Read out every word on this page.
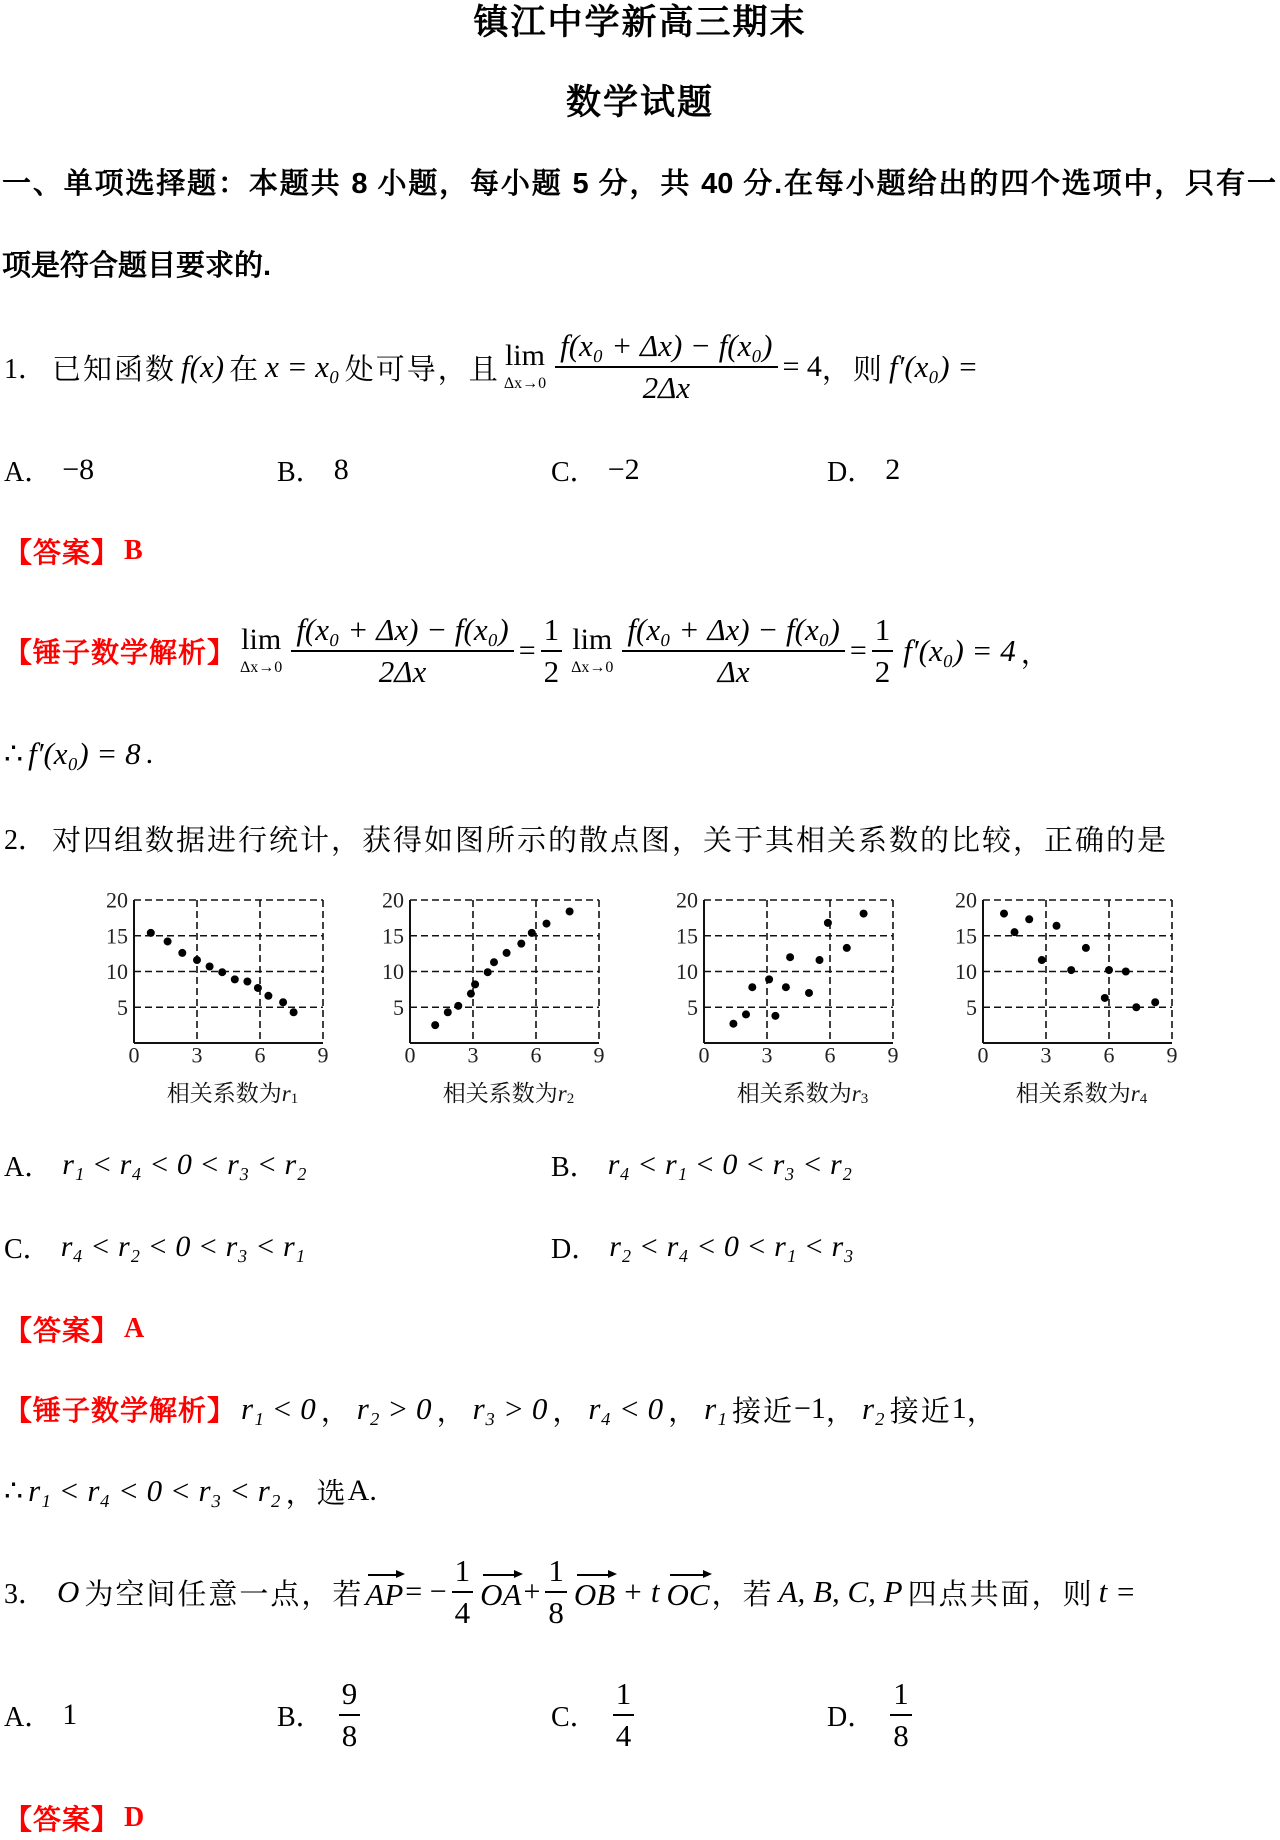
镇江中学新高三期末
数学试题
一、单项选择题：本题共 8 小题，每小题 5 分，共 40 分.在每小题给出的四个选项中，只有一
项是符合题目要求的.
1． 已知函数 f(x) 在 x = x₀ 处可导，且 lim
$\Delta x\to 0 \frac{\text{f(x₀ + Δx) − f(x₀)}}{2\Delta x} = 4$ ，则 f′(x₀) =
A． −8	B． 8	C． −2	D． 2
【答案】 B
【锤子数学解析】 lim
$\Delta x\to 0 \frac{\text{f(x₀ + Δx) − f(x₀)}}{2\Delta x} = \frac{1}{2}$ lim
$\Delta x\to 0 \frac{\text{f(x₀ + Δx) − f(x₀)}}{\Delta x} = \frac{1}{2} f'(x_0) = 4$ ，
∴ f′(x₀) = 8 .
2． 对四组数据进行统计，获得如图所示的散点图，关于其相关系数的比较，正确的是
5
10
15
20
0 3 6 9
相关系数为$r_1$
5
10
15
20
0 3 6 9
相关系数为$r_2$
5
10
15
20
0 3 6 9
相关系数为$r_3$
5
10
15
20
0 3 6 9
相关系数为$r_4$
A． r₁ < r₄ < 0 < r₃ < r₂	B． r₄ < r₁ < 0 < r₃ < r₂
C． r₄ < r₂ < 0 < r₃ < r₁	D． r₂ < r₄ < 0 < r₁ < r₃
【答案】 A
【锤子数学解析】 r₁ < 0 ， r₂ > 0 ， r₃ > 0 ， r₄ < 0 ， r₁ 接近 −1 ， r₂ 接近 1 ，
∴ r₁ < r₄ < 0 < r₃ < r₂ ， 选 A.
3． O 为空间任意一点，若 AP = − $\frac{1}{4}$ OA + $\frac{1}{8}$ OB + t OC ，若 A, B, C, P 四点共面，则 t =
A． 1	B． $\frac{9}{8}$	C． $\frac{1}{4}$	D． $\frac{1}{8}$
【答案】 D
